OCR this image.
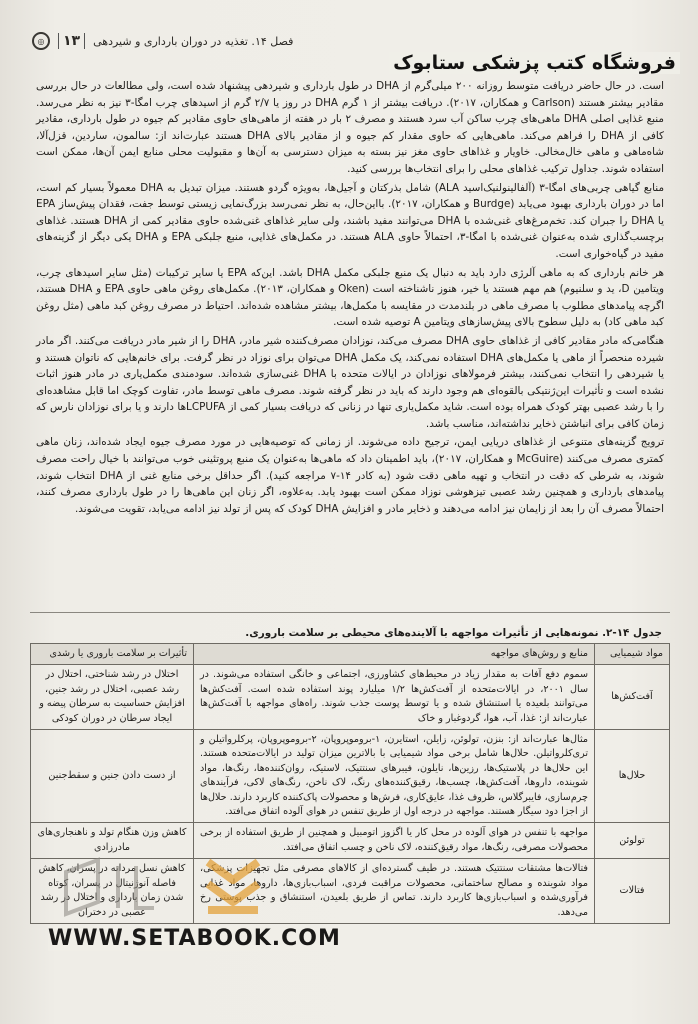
◎	۱۳	فصل ۱۴. تغذیه در دوران بارداری و شیردهی
فروشگاه کتب پزشکی ستابوک

است. در حال حاضر دریافت متوسط روزانه ۲۰۰ میلی‌گرم از DHA در طول بارداری و شیردهی پیشنهاد شده است، ولی مطالعات در حال بررسی مقادیر بیشتر هستند (Carlson و همکاران، ۲۰۱۷). دریافت بیشتر از ۱ گرم DHA در روز یا ۲/۷ گرم از اسیدهای چرب امگا-۳ نیز به نظر می‌رسد. منبع غذایی اصلی DHA ماهی‌های چرب ساکن آب سرد هستند و مصرف ۲ بار در هفته از ماهی‌های حاوی مقادیر کم جیوه در طول بارداری، مقادیر کافی از DHA را فراهم می‌کند. ماهی‌هایی که حاوی مقدار کم جیوه و از مقادیر بالای DHA هستند عبارت‌اند از: سالمون، ساردین، قزل‌آلا، شاه‌ماهی و ماهی خال‌مخالی. خاویار و غذاهای حاوی مغز نیز بسته به میزان دسترسی به آن‌ها و مقبولیت محلی منابع ایمن آن‌ها، ممکن است استفاده شوند. جداول ترکیب غذاهای محلی را برای انتخاب‌ها بررسی کنید.

منابع گیاهی چربی‌های امگا-۳ (آلفالینولنیک‌اسید ALA) شامل بذرکتان و آجیل‌ها، به‌ویژه گردو هستند. میزان تبدیل به DHA معمولاً بسیار کم است، اما در دوران بارداری بهبود می‌یابد (Burdge و همکاران، ۲۰۱۷). بااین‌حال، به نظر نمی‌رسد بزرگ‌نمایی زیستی توسط جفت، فقدان پیش‌ساز EPA یا DHA را جبران کند. تخم‌مرغ‌های غنی‌شده با DHA می‌توانند مفید باشند، ولی سایر غذاهای غنی‌شده حاوی مقادیر کمی از DHA هستند. غذاهای برچسب‌گذاری شده به‌عنوان غنی‌شده با امگا-۳، احتمالاً حاوی ALA هستند. در مکمل‌های غذایی، منبع جلبکی EPA و DHA یکی دیگر از گزینه‌های مفید در گیاه‌خواری است.

هر خانم بارداری که به ماهی آلرژی دارد باید به دنبال یک منبع جلبکی مکمل DHA باشد. این‌که EPA یا سایر ترکیبات (مثل سایر اسیدهای چرب، ویتامین D، ید و سلنیوم) هم مهم هستند یا خیر، هنوز ناشناخته است (Oken و همکاران، ۲۰۱۳). مکمل‌های روغن ماهی حاوی EPA و DHA هستند، اگرچه پیامدهای مطلوب با مصرف ماهی در بلندمدت در مقایسه با مکمل‌ها، بیشتر مشاهده شده‌اند. احتیاط در مصرف روغن کبد ماهی (مثل روغن کبد ماهی کاد) به دلیل سطوح بالای پیش‌سازهای ویتامین A توصیه شده است.

هنگامی‌که مادر مقادیر کافی از غذاهای حاوی DHA مصرف می‌کند، نوزادان مصرف‌کننده شیر مادر، DHA را از شیر مادر دریافت می‌کنند. اگر مادر شیرده منحصراً از ماهی یا مکمل‌های DHA استفاده نمی‌کند، یک مکمل DHA می‌توان برای نوزاد در نظر گرفت. برای خانم‌هایی که ناتوان هستند و یا شیردهی را انتخاب نمی‌کنند، بیشتر فرمولاهای نوزادان در ایالات متحده با DHA غنی‌سازی شده‌اند. سودمندی مکمل‌یاری در مادر هنوز اثبات نشده است و تأثیرات این‌ژنتیکی بالقوه‌ای هم وجود دارند که باید در نظر گرفته شوند. مصرف ماهی توسط مادر، تفاوت کوچک اما قابل مشاهده‌ای را با رشد عصبی بهتر کودک همراه بوده است. شاید مکمل‌یاری تنها در زنانی که دریافت بسیار کمی از LCPUFAها دارند و یا برای نوزادان نارس که زمان کافی برای انباشتن ذخایر نداشته‌اند، مناسب باشد.

ترویج گزینه‌های متنوعی از غذاهای دریایی ایمن، ترجیح داده می‌شوند. از زمانی که توصیه‌هایی در مورد مصرف جیوه ایجاد شده‌اند، زنان ماهی کمتری مصرف می‌کنند (McGuire و همکاران، ۲۰۱۷)، باید اطمینان داد که ماهی‌ها به‌عنوان یک منبع پروتئینی خوب می‌توانند با خیال راحت مصرف شوند، به شرطی که دقت در انتخاب و تهیه ماهی دقت شود (به کادر ۱۴-۷ مراجعه کنید). اگر حداقل برخی منابع غنی از DHA انتخاب شوند، پیامدهای بارداری و همچنین رشد عصبی تیزهوشی نوزاد ممکن است بهبود یابد. به‌علاوه، اگر زنان این ماهی‌ها را در طول بارداری مصرف کنند، احتمالاً مصرف آن را بعد از زایمان نیز ادامه می‌دهند و ذخایر مادر و افزایش DHA کودک که پس از تولد نیز ادامه می‌یابد، تقویت می‌شوند.

جدول ۱۴-۲. نمونه‌هایی از تأثیرات مواجهه با آلاینده‌های محیطی بر سلامت باروری.
مواد شیمیایی	منابع و روش‌های مواجهه	تأثیرات بر سلامت باروری یا رشدی
آفت‌کش‌ها	سموم دفع آفات به مقدار زیاد در محیط‌های کشاورزی، اجتماعی و خانگی استفاده می‌شوند. در سال ۲۰۰۱، در ایالات‌متحده از آفت‌کش‌ها ۱/۲ میلیارد پوند استفاده شده است. آفت‌کش‌ها می‌توانند بلعیده یا استنشاق شده و یا توسط پوست جذب شوند. راه‌های مواجهه با آفت‌کش‌ها عبارت‌اند از: غذا، آب، هوا، گردوغبار و خاک	اختلال در رشد شناختی، اختلال در رشد عصبی، اختلال در رشد جنین، افزایش حساسیت به سرطان پیضه و ایجاد سرطان در دوران کودکی
حلال‌ها	مثال‌ها عبارت‌اند از: بنزن، تولوئن، زایلن، استایرن، ۱-بروموپروپان، ۲-بروموپروپان، پرکلرواتیلن و تری‌کلرواتیلن. حلال‌ها شامل برخی مواد شیمیایی با بالاترین میزان تولید در ایالات‌متحده هستند. این حلال‌ها در پلاستیک‌ها، رزین‌ها، نایلون، فیبرهای سنتتیک، لاستیک، روان‌کننده‌ها، رنگ‌ها، مواد شوینده، داروها، آفت‌کش‌ها، چسب‌ها، رقیق‌کننده‌های رنگ، لاک ناخن، رنگ‌های لاکی، فرآیندهای چرم‌سازی، فایبرگلاس، ظروف غذا، عایق‌کاری، فرش‌ها و محصولات پاک‌کننده کاربرد دارند. حلال‌ها از اجزا دود سیگار هستند. مواجهه در درجه اول از طریق تنفس در هوای آلوده اتفاق می‌افتد.	از دست دادن جنین و سقط‌جنین
تولوئن	مواجهه با تنفس در هوای آلوده در محل کار یا اگزوز اتومبیل و همچنین از طریق استفاده از برخی محصولات مصرفی، رنگ‌ها، مواد رقیق‌کننده، لاک ناخن و چسب اتفاق می‌افتد.	کاهش وزن هنگام تولد و ناهنجاری‌های مادرزادی
فتالات	فتالات‌ها مشتقات سنتتیک هستند. در طیف گسترده‌ای از کالاهای مصرفی مثل تجهیزات پزشکی، مواد شوینده و مصالح ساختمانی، محصولات مراقبت فردی، اسباب‌بازی‌ها، داروها، مواد غذایی فرآوری‌شده و اسباب‌بازی‌ها کاربرد دارند. تماس از طریق بلعیدن، استنشاق و جذب پوستی رخ می‌دهد.	کاهش نسل مردانه در پسران، کاهش فاصله آنوژنیتال در پسران، کوتاه شدن زمان بارداری و اختلال در رشد عصبی در دختران
WWW.SETABOOK.COM
